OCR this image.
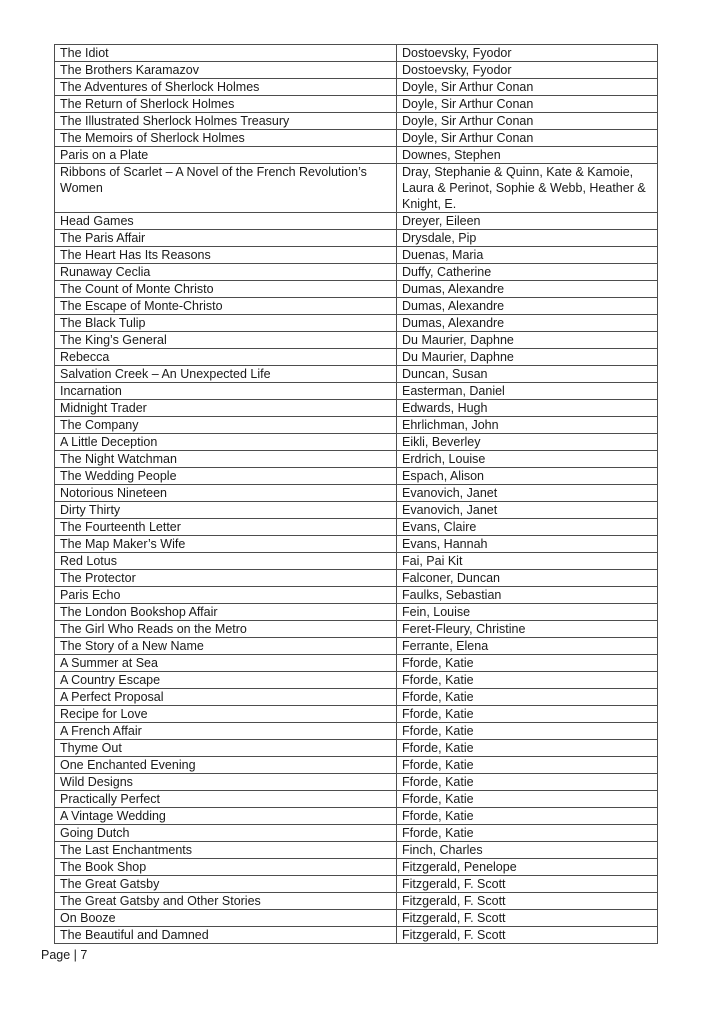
The Idiot	Dostoevsky, Fyodor
The Brothers Karamazov	Dostoevsky, Fyodor
The Adventures of Sherlock Holmes	Doyle, Sir Arthur Conan
The Return of Sherlock Holmes	Doyle, Sir Arthur Conan
The Illustrated Sherlock Holmes Treasury	Doyle, Sir Arthur Conan
The Memoirs of Sherlock Holmes	Doyle, Sir Arthur Conan
Paris on a Plate	Downes, Stephen
Ribbons of Scarlet – A Novel of the French Revolution’s Women	Dray, Stephanie & Quinn, Kate & Kamoie, Laura & Perinot, Sophie & Webb, Heather & Knight, E.
Head Games	Dreyer, Eileen
The Paris Affair	Drysdale, Pip
The Heart Has Its Reasons	Duenas, Maria
Runaway Ceclia	Duffy, Catherine
The Count of Monte Christo	Dumas, Alexandre
The Escape of Monte-Christo	Dumas, Alexandre
The Black Tulip	Dumas, Alexandre
The King’s General	Du Maurier, Daphne
Rebecca	Du Maurier, Daphne
Salvation Creek – An Unexpected Life	Duncan, Susan
Incarnation	Easterman, Daniel
Midnight Trader	Edwards, Hugh
The Company	Ehrlichman, John
A Little Deception	Eikli, Beverley
The Night Watchman	Erdrich, Louise
The Wedding People	Espach, Alison
Notorious Nineteen	Evanovich, Janet
Dirty Thirty	Evanovich, Janet
The Fourteenth Letter	Evans, Claire
The Map Maker’s Wife	Evans, Hannah
Red Lotus	Fai, Pai Kit
The Protector	Falconer, Duncan
Paris Echo	Faulks, Sebastian
The London Bookshop Affair	Fein, Louise
The Girl Who Reads on the Metro	Feret-Fleury, Christine
The Story of a New Name	Ferrante, Elena
A Summer at Sea	Fforde, Katie
A Country Escape	Fforde, Katie
A Perfect Proposal	Fforde, Katie
Recipe for Love	Fforde, Katie
A French Affair	Fforde, Katie
Thyme Out	Fforde, Katie
One Enchanted Evening	Fforde, Katie
Wild Designs	Fforde, Katie
Practically Perfect	Fforde, Katie
A Vintage Wedding	Fforde, Katie
Going Dutch	Fforde, Katie
The Last Enchantments	Finch, Charles
The Book Shop	Fitzgerald, Penelope
The Great Gatsby	Fitzgerald, F. Scott
The Great Gatsby and Other Stories	Fitzgerald, F. Scott
On Booze	Fitzgerald, F. Scott
The Beautiful and Damned	Fitzgerald, F. Scott
Page | 7
